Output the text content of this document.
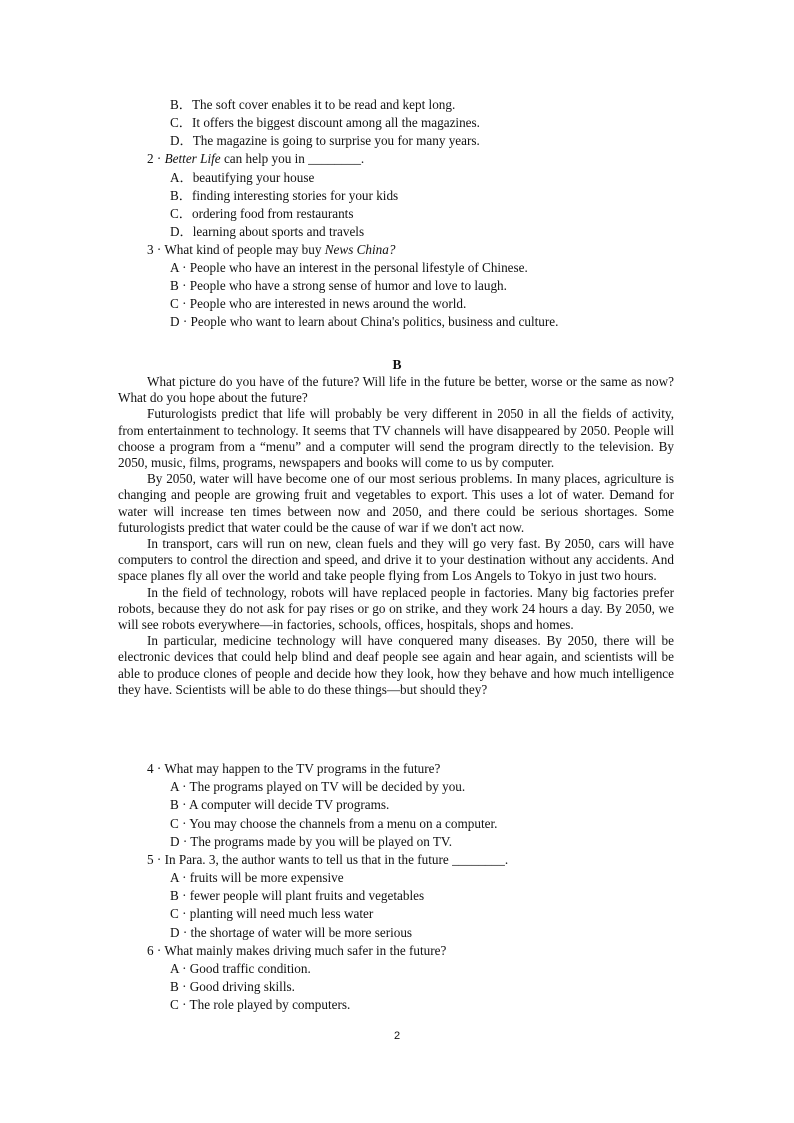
B．The soft cover enables it to be read and kept long.
C．It offers the biggest discount among all the magazines.
D．The magazine is going to surprise you for many years.
2 · Better Life can help you in ________.
A．beautifying your house
B．finding interesting stories for your kids
C．ordering food from restaurants
D．learning about sports and travels
3 · What kind of people may buy News China?
A · People who have an interest in the personal lifestyle of Chinese.
B · People who have a strong sense of humor and love to laugh.
C · People who are interested in news around the world.
D · People who want to learn about China's politics, business and culture.
B

What picture do you have of the future? Will life in the future be better, worse or the same as now? What do you hope about the future?

Futurologists predict that life will probably be very different in 2050 in all the fields of activity, from entertainment to technology. It seems that TV channels will have disappeared by 2050. People will choose a program from a “menu” and a computer will send the program directly to the television. By 2050, music, films, programs, newspapers and books will come to us by computer.

By 2050, water will have become one of our most serious problems. In many places, agriculture is changing and people are growing fruit and vegetables to export. This uses a lot of water. Demand for water will increase ten times between now and 2050, and there could be serious shortages. Some futurologists predict that water could be the cause of war if we don't act now.

In transport, cars will run on new, clean fuels and they will go very fast. By 2050, cars will have computers to control the direction and speed, and drive it to your destination without any accidents. And space planes fly all over the world and take people flying from Los Angels to Tokyo in just two hours.

In the field of technology, robots will have replaced people in factories. Many big factories prefer robots, because they do not ask for pay rises or go on strike, and they work 24 hours a day. By 2050, we will see robots everywhere—in factories, schools, offices, hospitals, shops and homes.

In particular, medicine technology will have conquered many diseases. By 2050, there will be electronic devices that could help blind and deaf people see again and hear again, and scientists will be able to produce clones of people and decide how they look, how they behave and how much intelligence they have. Scientists will be able to do these things—but should they?

4 · What may happen to the TV programs in the future?
A · The programs played on TV will be decided by you.
B · A computer will decide TV programs.
C · You may choose the channels from a menu on a computer.
D · The programs made by you will be played on TV.
5 · In Para. 3, the author wants to tell us that in the future ________.
A · fruits will be more expensive
B · fewer people will plant fruits and vegetables
C · planting will need much less water
D · the shortage of water will be more serious
6 · What mainly makes driving much safer in the future?
A · Good traffic condition.
B · Good driving skills.
C · The role played by computers.
2
